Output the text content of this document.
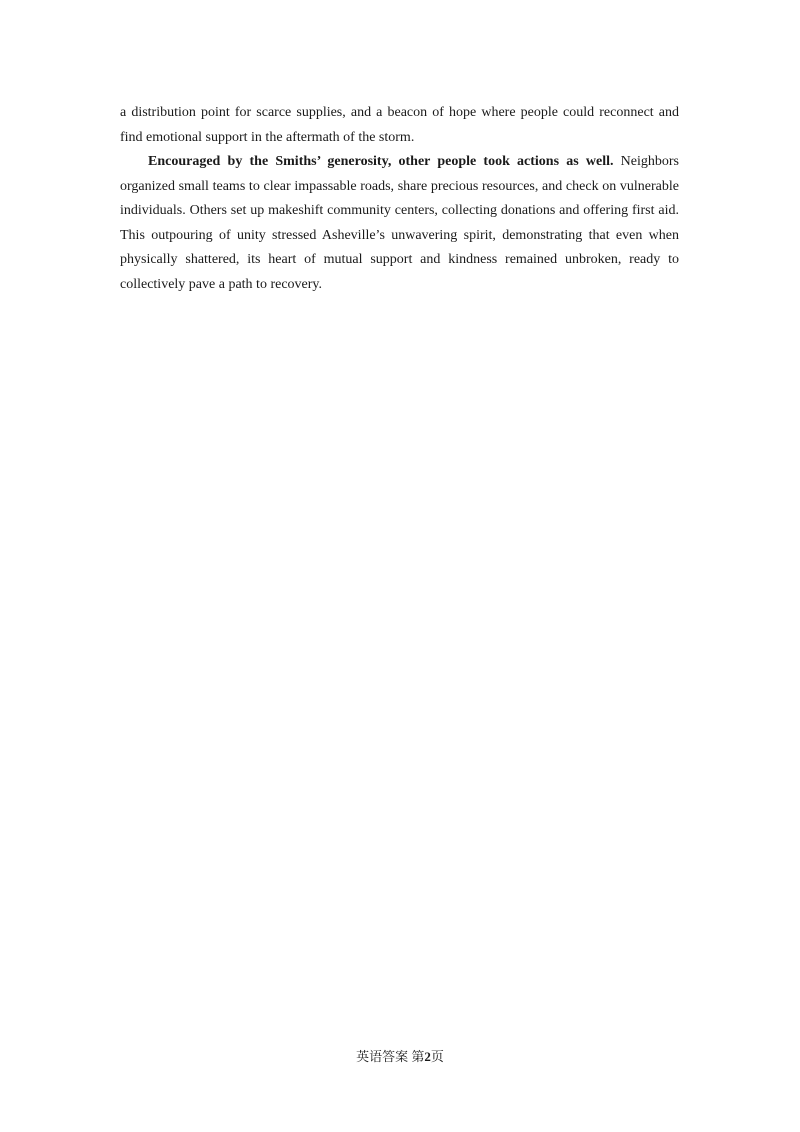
a distribution point for scarce supplies, and a beacon of hope where people could reconnect and find emotional support in the aftermath of the storm.

Encouraged by the Smiths’ generosity, other people took actions as well. Neighbors organized small teams to clear impassable roads, share precious resources, and check on vulnerable individuals. Others set up makeshift community centers, collecting donations and offering first aid. This outpouring of unity stressed Asheville’s unwavering spirit, demonstrating that even when physically shattered, its heart of mutual support and kindness remained unbroken, ready to collectively pave a path to recovery.

英语答案 第2页
